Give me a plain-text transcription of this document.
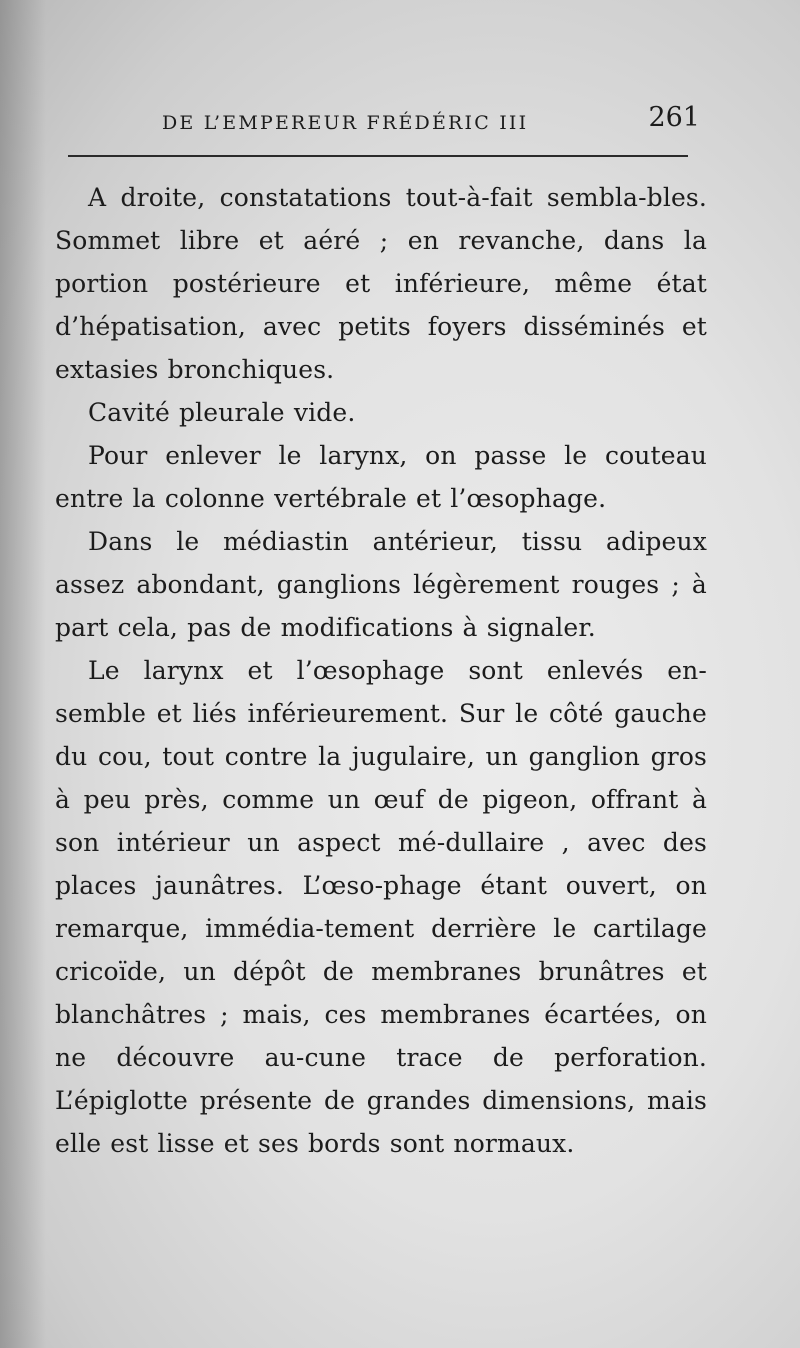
DE L’EMPEREUR FRÉDÉRIC III	261

A droite, constatations tout-à-fait sembla-bles. Sommet libre et aéré ; en revanche, dans la portion postérieure et inférieure, même état d’hépatisation, avec petits foyers disséminés et extasies bronchiques.

Cavité pleurale vide.

Pour enlever le larynx, on passe le couteau entre la colonne vertébrale et l’œsophage.

Dans le médiastin antérieur, tissu adipeux assez abondant, ganglions légèrement rouges ; à part cela, pas de modifications à signaler.

Le larynx et l’œsophage sont enlevés en-semble et liés inférieurement. Sur le côté gauche du cou, tout contre la jugulaire, un ganglion gros à peu près, comme un œuf de pigeon, offrant à son intérieur un aspect mé-dullaire , avec des places jaunâtres. L’œso-phage étant ouvert, on remarque, immédia-tement derrière le cartilage cricoïde, un dépôt de membranes brunâtres et blanchâtres ; mais, ces membranes écartées, on ne découvre au-cune trace de perforation. L’épiglotte présente de grandes dimensions, mais elle est lisse et ses bords sont normaux.
